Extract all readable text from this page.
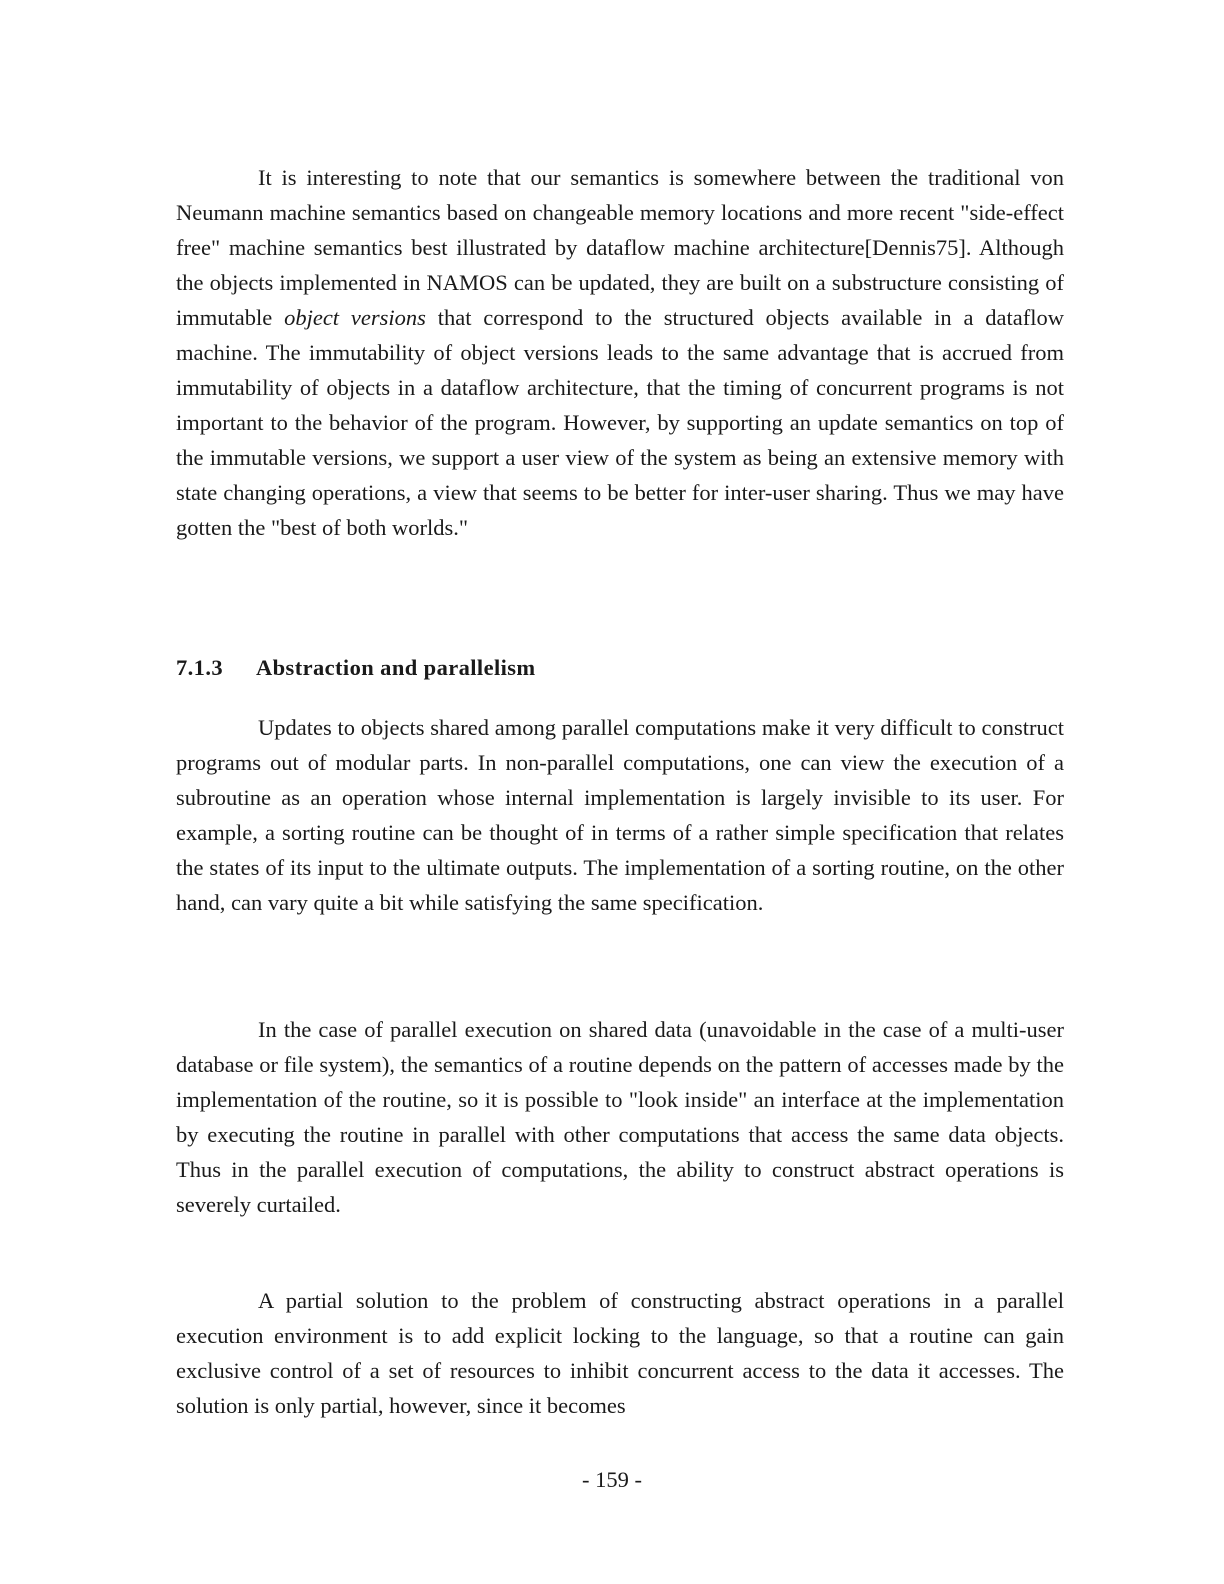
It is interesting to note that our semantics is somewhere between the traditional von Neumann machine semantics based on changeable memory locations and more recent "side-effect free" machine semantics best illustrated by dataflow machine architecture[Dennis75]. Although the objects implemented in NAMOS can be updated, they are built on a substructure consisting of immutable object versions that correspond to the structured objects available in a dataflow machine. The immutability of object versions leads to the same advantage that is accrued from immutability of objects in a dataflow architecture, that the timing of concurrent programs is not important to the behavior of the program. However, by supporting an update semantics on top of the immutable versions, we support a user view of the system as being an extensive memory with state changing operations, a view that seems to be better for inter-user sharing. Thus we may have gotten the "best of both worlds."

7.1.3 Abstraction and parallelism

Updates to objects shared among parallel computations make it very difficult to construct programs out of modular parts. In non-parallel computations, one can view the execution of a subroutine as an operation whose internal implementation is largely invisible to its user. For example, a sorting routine can be thought of in terms of a rather simple specification that relates the states of its input to the ultimate outputs. The implementation of a sorting routine, on the other hand, can vary quite a bit while satisfying the same specification.

In the case of parallel execution on shared data (unavoidable in the case of a multi-user database or file system), the semantics of a routine depends on the pattern of accesses made by the implementation of the routine, so it is possible to "look inside" an interface at the implementation by executing the routine in parallel with other computations that access the same data objects. Thus in the parallel execution of computations, the ability to construct abstract operations is severely curtailed.

A partial solution to the problem of constructing abstract operations in a parallel execution environment is to add explicit locking to the language, so that a routine can gain exclusive control of a set of resources to inhibit concurrent access to the data it accesses. The solution is only partial, however, since it becomes

- 159 -
